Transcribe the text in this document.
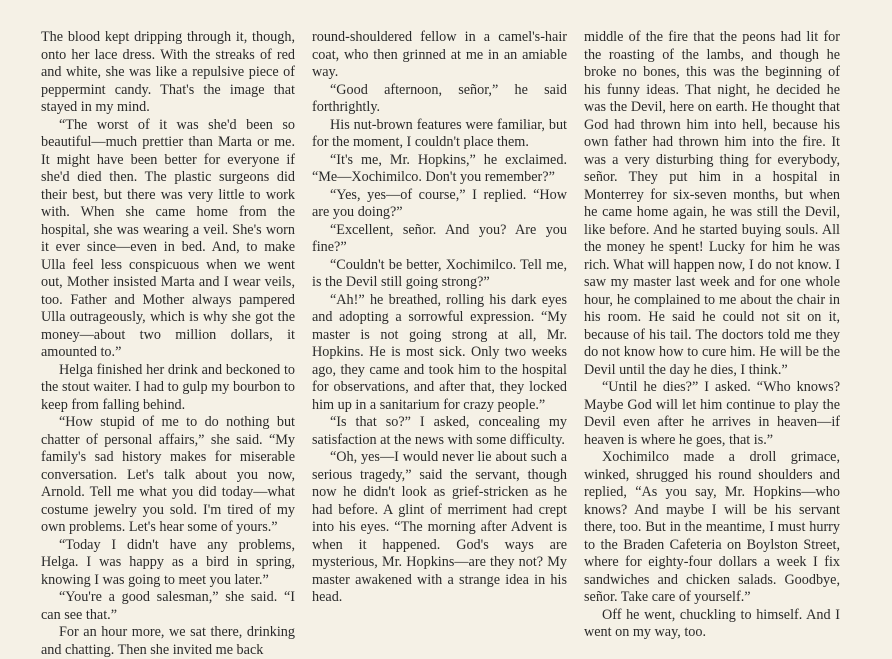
The blood kept dripping through it, though, onto her lace dress. With the streaks of red and white, she was like a repulsive piece of peppermint candy. That's the image that stayed in my mind.

“The worst of it was she'd been so beautiful—much prettier than Marta or me. It might have been better for everyone if she'd died then. The plastic surgeons did their best, but there was very little to work with. When she came home from the hospital, she was wearing a veil. She's worn it ever since—even in bed. And, to make Ulla feel less conspicuous when we went out, Mother insisted Marta and I wear veils, too. Father and Mother always pampered Ulla outrageously, which is why she got the money—about two million dollars, it amounted to.”

Helga finished her drink and beckoned to the stout waiter. I had to gulp my bourbon to keep from falling behind.

“How stupid of me to do nothing but chatter of personal affairs,” she said. “My family's sad history makes for miserable conversation. Let's talk about you now, Arnold. Tell me what you did today—what costume jewelry you sold. I'm tired of my own problems. Let's hear some of yours.”

“Today I didn't have any problems, Helga. I was happy as a bird in spring, knowing I was going to meet you later.”

“You're a good salesman,” she said. “I can see that.”

For an hour more, we sat there, drinking and chatting. Then she invited me back

round-shouldered fellow in a camel's-hair coat, who then grinned at me in an amiable way.

“Good afternoon, señor,” he said forthrightly.

His nut-brown features were familiar, but for the moment, I couldn't place them.

“It's me, Mr. Hopkins,” he exclaimed. “Me—Xochimilco. Don't you remember?”

“Yes, yes—of course,” I replied. “How are you doing?”

“Excellent, señor. And you? Are you fine?”

“Couldn't be better, Xochimilco. Tell me, is the Devil still going strong?”

“Ah!” he breathed, rolling his dark eyes and adopting a sorrowful expression. “My master is not going strong at all, Mr. Hopkins. He is most sick. Only two weeks ago, they came and took him to the hospital for observations, and after that, they locked him up in a sanitarium for crazy people.”

“Is that so?” I asked, concealing my satisfaction at the news with some difficulty.

“Oh, yes—I would never lie about such a serious tragedy,” said the servant, though now he didn't look as grief-stricken as he had before. A glint of merriment had crept into his eyes. “The morning after Advent is when it happened. God's ways are mysterious, Mr. Hopkins—are they not? My master awakened with a strange idea in his head.

middle of the fire that the peons had lit for the roasting of the lambs, and though he broke no bones, this was the beginning of his funny ideas. That night, he decided he was the Devil, here on earth. He thought that God had thrown him into hell, because his own father had thrown him into the fire. It was a very disturbing thing for everybody, señor. They put him in a hospital in Monterrey for six-seven months, but when he came home again, he was still the Devil, like before. And he started buying souls. All the money he spent! Lucky for him he was rich. What will happen now, I do not know. I saw my master last week and for one whole hour, he complained to me about the chair in his room. He said he could not sit on it, because of his tail. The doctors told me they do not know how to cure him. He will be the Devil until the day he dies, I think.”

“Until he dies?” I asked. “Who knows? Maybe God will let him continue to play the Devil even after he arrives in heaven—if heaven is where he goes, that is.”

Xochimilco made a droll grimace, winked, shrugged his round shoulders and replied, “As you say, Mr. Hopkins—who knows? And maybe I will be his servant there, too. But in the meantime, I must hurry to the Braden Cafeteria on Boylston Street, where for eighty-four dollars a week I fix sandwiches and chicken salads. Goodbye, señor. Take care of yourself.”

Off he went, chuckling to himself. And I went on my way, too.
